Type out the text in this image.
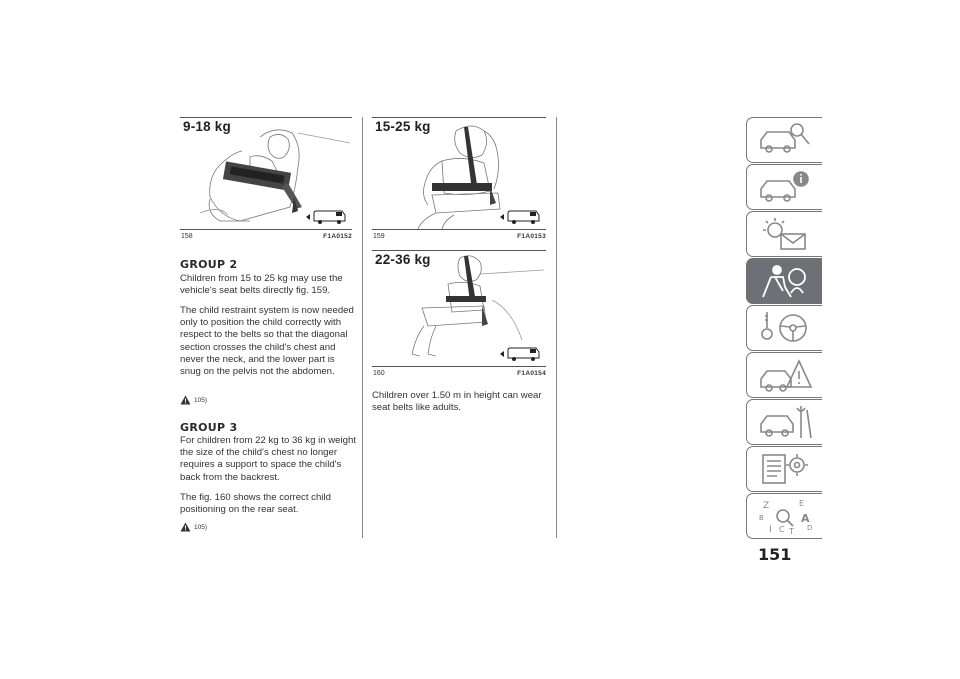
9-18 kg
158	F1A0152
15-25 kg
159	F1A0153
22-36 kg
160	F1A0154
GROUP 2

Children from 15 to 25 kg may use the vehicle's seat belts directly fig. 159.

The child restraint system is now needed only to position the child correctly with respect to the belts so that the diagonal section crosses the child's chest and never the neck, and the lower part is snug on the pelvis not the abdomen.

105)
GROUP 3

For children from 22 kg to 36 kg in weight the size of the child's chest no longer requires a support to space the child's back from the backrest.

The fig. 160 shows the correct child positioning on the rear seat.

105)

Children over 1.50 m in height can wear seat belts like adults.

Z	E
B	A
I C T D
151
